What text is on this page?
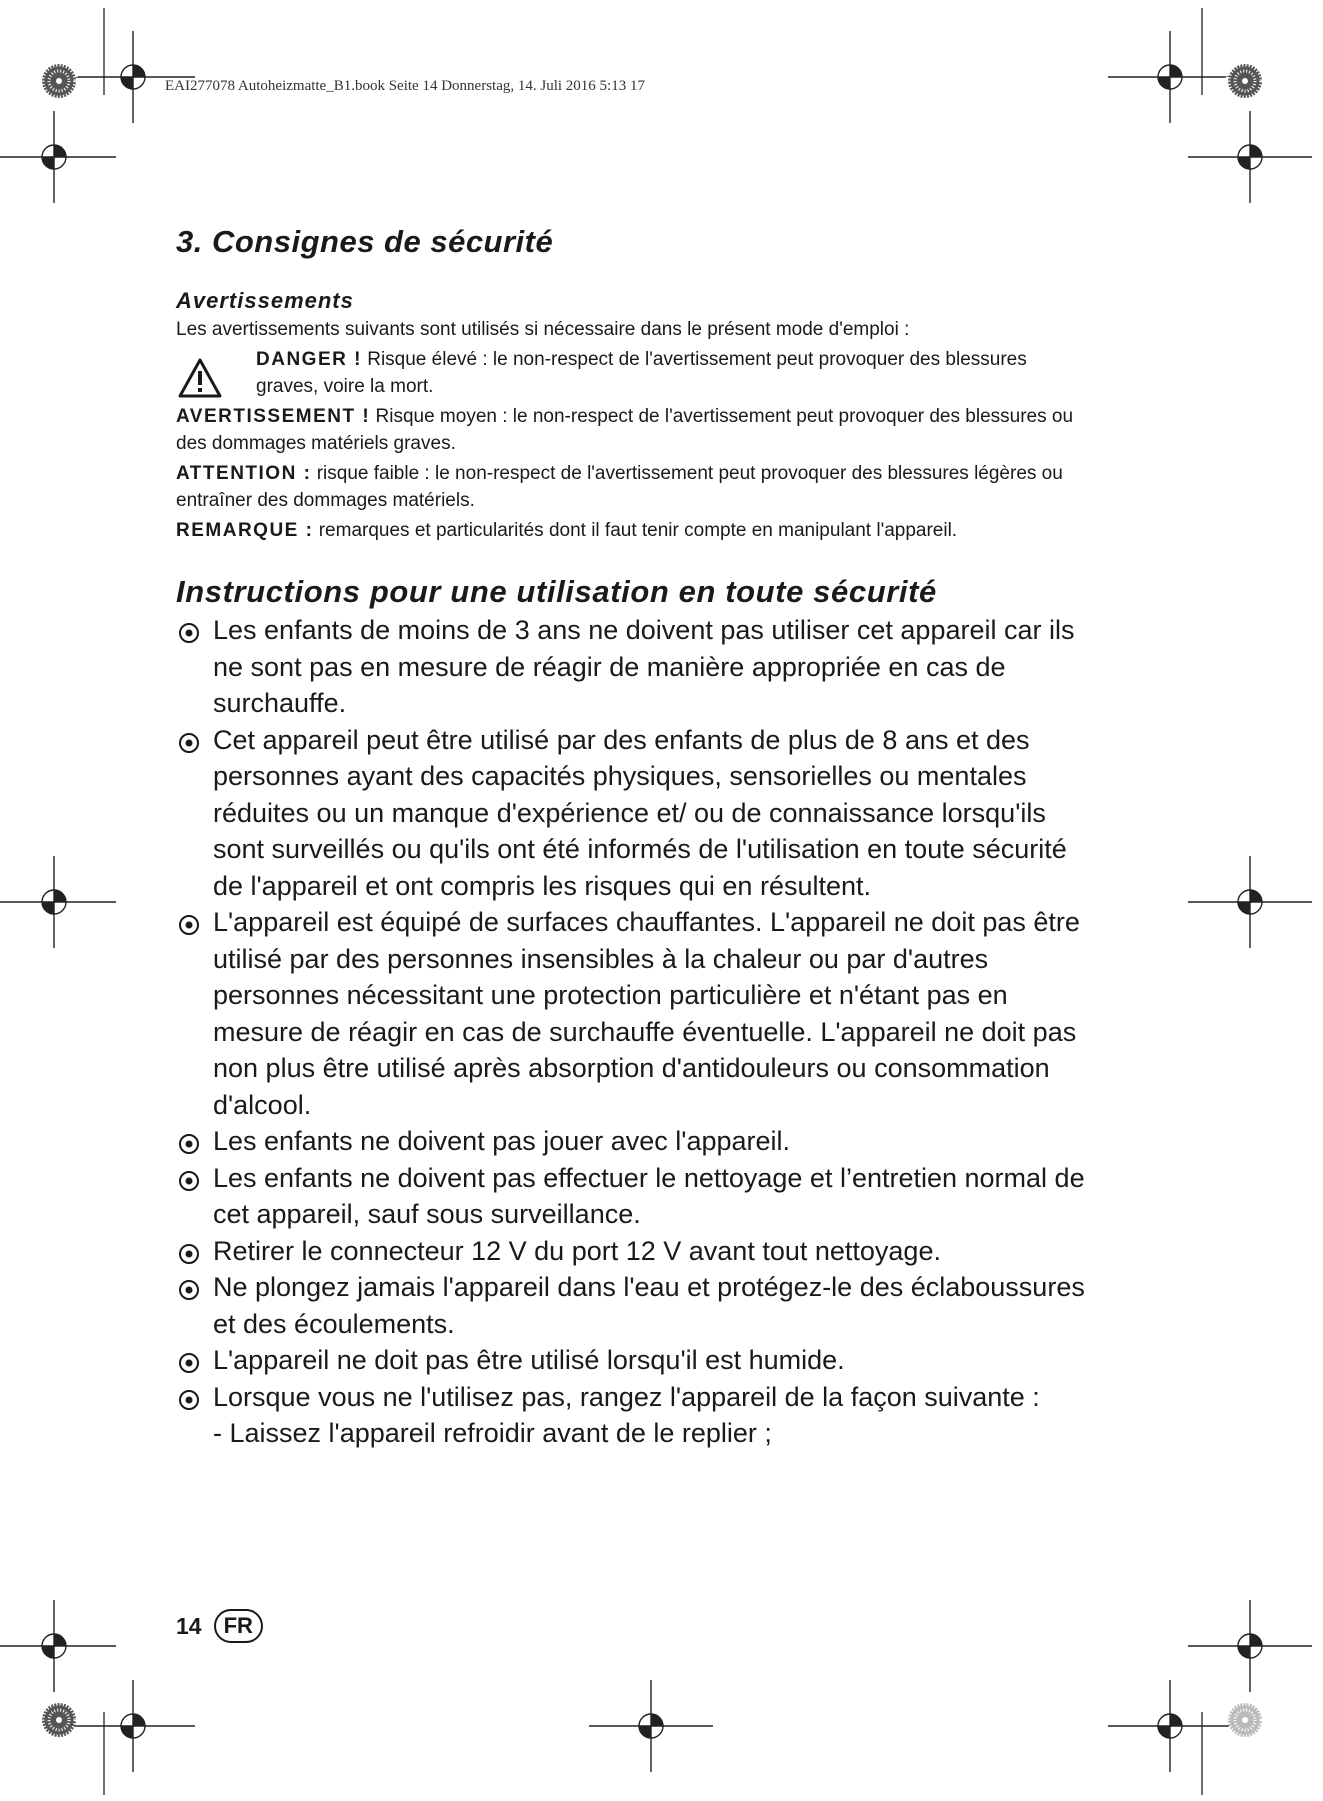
EAI277078 Autoheizmatte_B1.book Seite 14 Donnerstag, 14. Juli 2016 5:13 17
3. Consignes de sécurité
Avertissements

Les avertissements suivants sont utilisés si nécessaire dans le présent mode d'emploi :

DANGER ! Risque élevé : le non-respect de l'avertissement peut provoquer des blessures graves, voire la mort.

AVERTISSEMENT ! Risque moyen : le non-respect de l'avertissement peut provoquer des blessures ou des dommages matériels graves.

ATTENTION : risque faible : le non-respect de l'avertissement peut provoquer des blessures légères ou entraîner des dommages matériels.

REMARQUE : remarques et particularités dont il faut tenir compte en manipulant l'appareil.

Instructions pour une utilisation en toute sécurité
Les enfants de moins de 3 ans ne doivent pas utiliser cet appareil car ils ne sont pas en mesure de réagir de manière appropriée en cas de surchauffe.
Cet appareil peut être utilisé par des enfants de plus de 8 ans et des personnes ayant des capacités physiques, sensorielles ou mentales réduites ou un manque d'expérience et/ ou de connaissance lorsqu'ils sont surveillés ou qu'ils ont été informés de l'utilisation en toute sécurité de l'appareil et ont compris les risques qui en résultent.
L'appareil est équipé de surfaces chauffantes. L'appareil ne doit pas être utilisé par des personnes insensibles à la chaleur ou par d'autres personnes nécessitant une protection particulière et n'étant pas en mesure de réagir en cas de surchauffe éventuelle. L'appareil ne doit pas non plus être utilisé après absorption d'antidouleurs ou consommation d'alcool.
Les enfants ne doivent pas jouer avec l'appareil.
Les enfants ne doivent pas effectuer le nettoyage et l’entretien normal de cet appareil, sauf sous surveillance.
Retirer le connecteur 12 V du port 12 V avant tout nettoyage.
Ne plongez jamais l'appareil dans l'eau et protégez-le des éclaboussures et des écoulements.
L'appareil ne doit pas être utilisé lorsqu'il est humide.
Lorsque vous ne l'utilisez pas, rangez l'appareil de la façon suivante :
- Laissez l'appareil refroidir avant de le replier ;
14	FR
